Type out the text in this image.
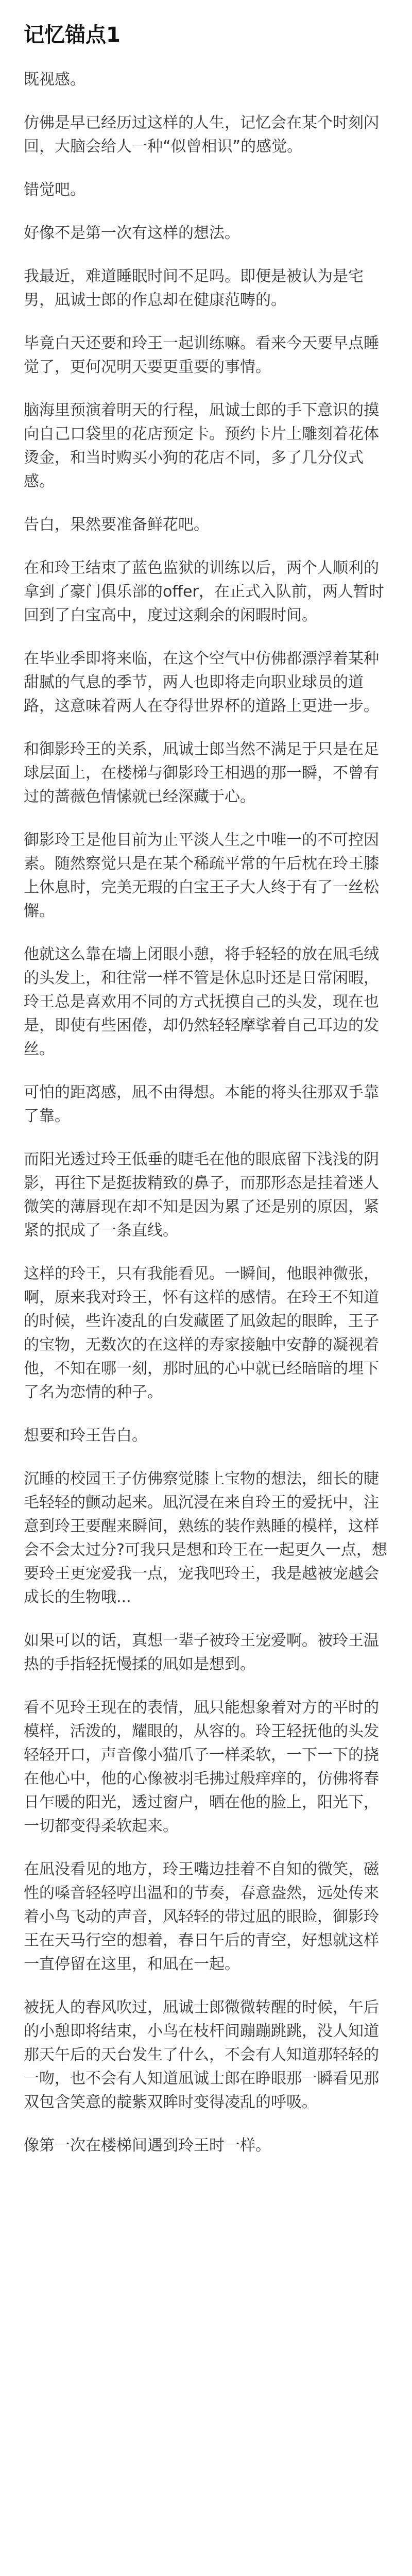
记忆锚点1

既视感。

仿佛是早已经历过这样的人生，记忆会在某个时刻闪回，大脑会给人一种“似曾相识”的感觉。

错觉吧。

好像不是第一次有这样的想法。

我最近，难道睡眠时间不足吗。即便是被认为是宅男，凪诚士郎的作息却在健康范畴的。

毕竟白天还要和玲王一起训练嘛。看来今天要早点睡觉了，更何况明天要更重要的事情。

脑海里预演着明天的行程，凪诚士郎的手下意识的摸向自己口袋里的花店预定卡。预约卡片上雕刻着花体烫金，和当时购买小狗的花店不同，多了几分仪式感。

告白，果然要准备鲜花吧。

在和玲王结束了蓝色监狱的训练以后，两个人顺利的拿到了豪门俱乐部的offer，在正式入队前，两人暂时回到了白宝高中，度过这剩余的闲暇时间。

在毕业季即将来临，在这个空气中仿佛都漂浮着某种甜腻的气息的季节，两人也即将走向职业球员的道路，这意味着两人在夺得世界杯的道路上更进一步。

和御影玲王的关系，凪诚士郎当然不满足于只是在足球层面上，在楼梯与御影玲王相遇的那一瞬，不曾有过的蔷薇色情愫就已经深藏于心。

御影玲王是他目前为止平淡人生之中唯一的不可控因素。随然察觉只是在某个稀疏平常的午后枕在玲王膝上休息时，完美无瑕的白宝王子大人终于有了一丝松懈。

他就这么靠在墙上闭眼小憩，将手轻轻的放在凪毛绒的头发上，和往常一样不管是休息时还是日常闲暇，玲王总是喜欢用不同的方式抚摸自己的头发，现在也是，即使有些困倦，却仍然轻轻摩挲着自己耳边的发丝。

可怕的距离感，凪不由得想。本能的将头往那双手靠了靠。

而阳光透过玲王低垂的睫毛在他的眼底留下浅浅的阴影，再往下是挺拔精致的鼻子，而那形态是挂着迷人微笑的薄唇现在却不知是因为累了还是别的原因，紧紧的抿成了一条直线。

这样的玲王，只有我能看见。一瞬间，他眼神微张，啊，原来我对玲王，怀有这样的感情。在玲王不知道的时候，些许凌乱的白发藏匿了凪敛起的眼眸，王子的宝物，无数次的在这样的寿家接触中安静的凝视着他，不知在哪一刻，那时凪的心中就已经暗暗的埋下了名为恋情的种子。

想要和玲王告白。

沉睡的校园王子仿佛察觉膝上宝物的想法，细长的睫毛轻轻的颤动起来。凪沉浸在来自玲王的爱抚中，注意到玲王要醒来瞬间，熟练的装作熟睡的模样，这样会不会太过分?可我只是想和玲王在一起更久一点，想要玲王更宠爱我一点，宠我吧玲王，我是越被宠越会成长的生物哦...

如果可以的话，真想一辈子被玲王宠爱啊。被玲王温热的手指轻抚慢揉的凪如是想到。

看不见玲王现在的表情，凪只能想象着对方的平时的模样，活泼的，耀眼的，从容的。玲王轻抚他的头发轻轻开口，声音像小猫爪子一样柔软，一下一下的挠在他心中，他的心像被羽毛拂过般痒痒的，仿佛将春日乍暖的阳光，透过窗户，晒在他的脸上，阳光下，一切都变得柔软起来。

在凪没看见的地方，玲王嘴边挂着不自知的微笑，磁性的嗓音轻轻哼出温和的节奏，春意盎然，远处传来着小鸟飞动的声音，风轻轻的带过凪的眼睑，御影玲王在天马行空的想着，春日午后的青空，好想就这样一直停留在这里，和凪在一起。

被抚人的春风吹过，凪诚士郎微微转醒的时候，午后的小憩即将结束，小鸟在枝杆间蹦蹦跳跳，没人知道那天午后的天台发生了什么，不会有人知道那轻轻的一吻，也不会有人知道凪诚士郎在睁眼那一瞬看见那双包含笑意的靛紫双眸时变得凌乱的呼吸。

像第一次在楼梯间遇到玲王时一样。
